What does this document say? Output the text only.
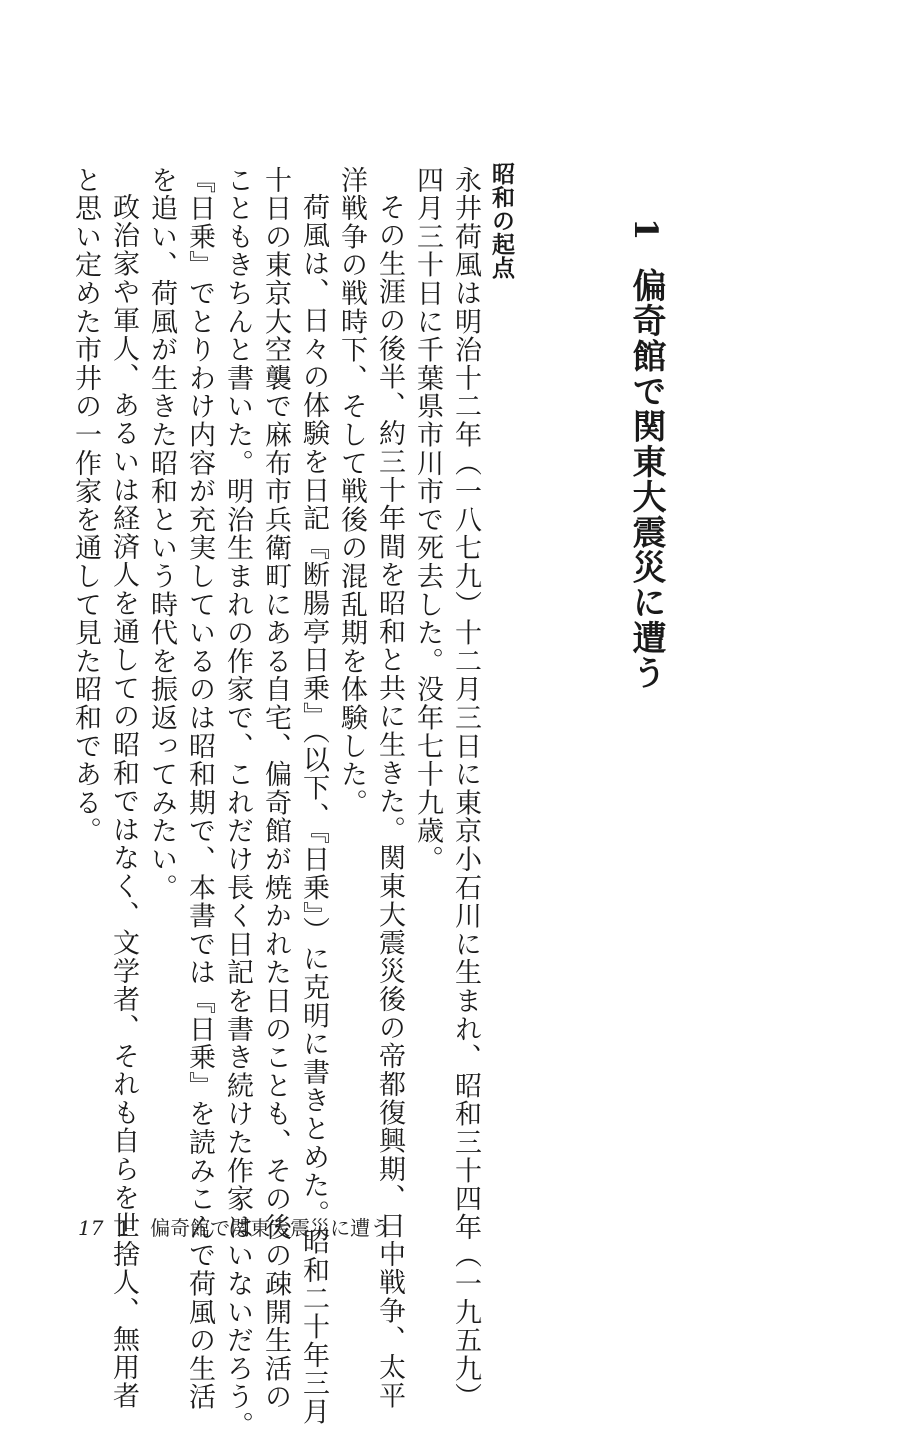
1
偏奇館で関東大震災に遭う
昭和の起点
永井荷風は明治十二年（一八七九）十二月三日に東京小石川に生まれ、昭和三十四年（一九五九）
四月三十日に千葉県市川市で死去した。没年七十九歳。
その生涯の後半、約三十年間を昭和と共に生きた。関東大震災後の帝都復興期、日中戦争、太平
洋戦争の戦時下、そして戦後の混乱期を体験した。
荷風は、日々の体験を日記『断腸亭日乗』（以下、『日乗』）に克明に書きとめた。昭和二十年三月
十日の東京大空襲で麻布市兵衛町にある自宅、偏奇館が焼かれた日のことも、その後の疎開生活の
こともきちんと書いた。明治生まれの作家で、これだけ長く日記を書き続けた作家はいないだろう。
『日乗』でとりわけ内容が充実しているのは昭和期で、本書では『日乗』を読みこんで荷風の生活
を追い、荷風が生きた昭和という時代を振返ってみたい。
政治家や軍人、あるいは経済人を通しての昭和ではなく、文学者、それも自らを世捨人、無用者
と思い定めた市井の一作家を通して見た昭和である。
17 1　偏奇館で関東大震災に遭う
